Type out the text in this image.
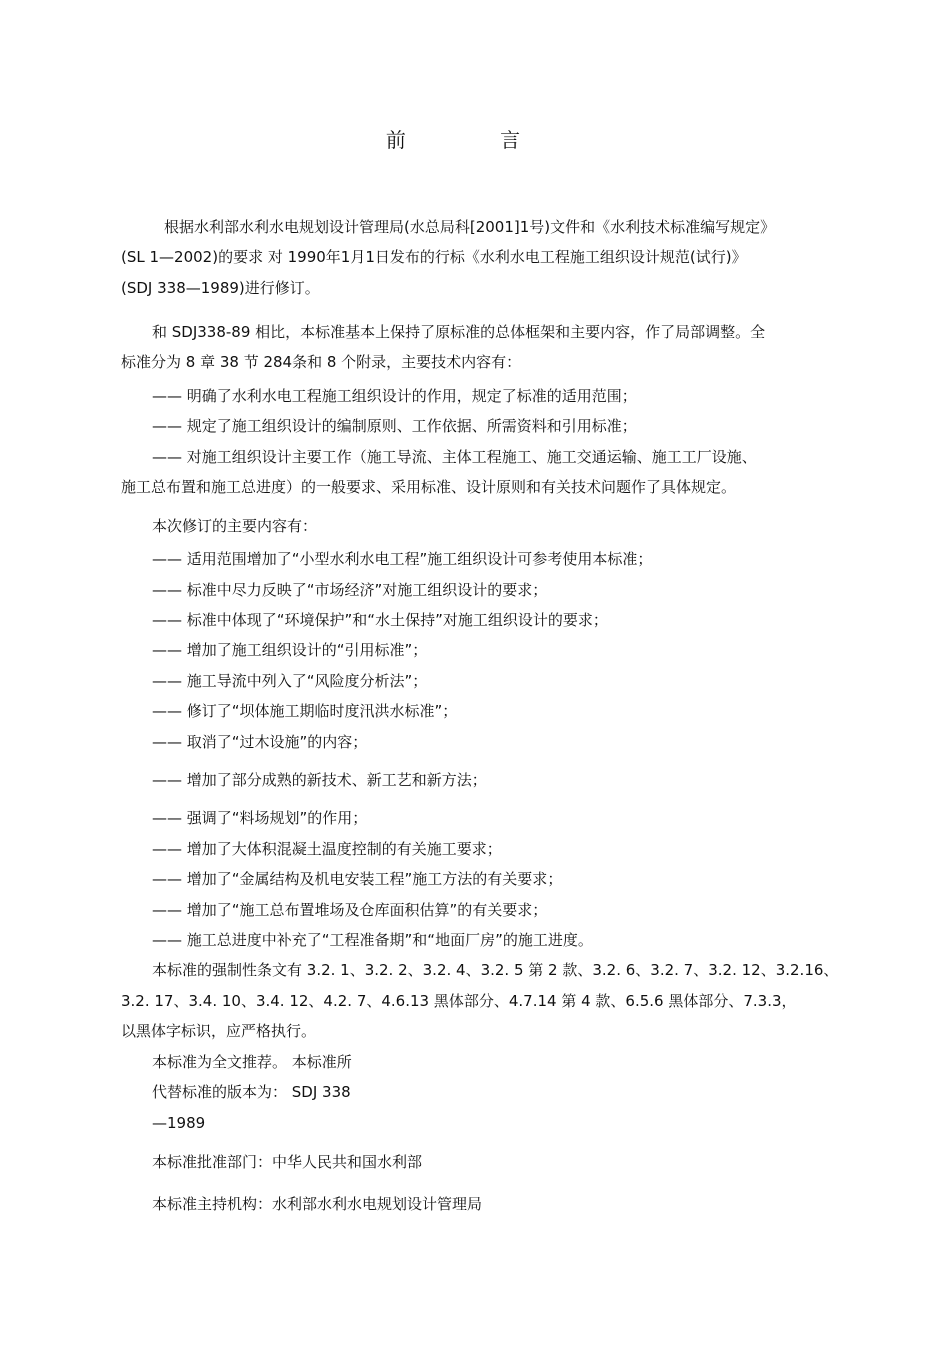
前 言
根据水利部水利水电规划设计管理局(水总局科[2001]1号)文件和《水利技术标准编写规定》
(SL 1—2002)的要求 对 1990年1月1日发布的行标《水利水电工程施工组织设计规范(试行)》
(SDJ 338—1989)进行修订。
和 SDJ338-89 相比，本标准基本上保持了原标准的总体框架和主要内容，作了局部调整。全
标准分为 8 章 38 节 284条和 8 个附录，主要技术内容有：
—— 明确了水利水电工程施工组织设计的作用，规定了标准的适用范围；
—— 规定了施工组织设计的编制原则、工作依据、所需资料和引用标准；
—— 对施工组织设计主要工作（施工导流、主体工程施工、施工交通运输、施工工厂设施、
施工总布置和施工总进度）的一般要求、采用标准、设计原则和有关技术问题作了具体规定。
本次修订的主要内容有：
—— 适用范围增加了“小型水利水电工程”施工组织设计可参考使用本标准；
—— 标准中尽力反映了“市场经济”对施工组织设计的要求；
—— 标准中体现了“环境保护”和“水土保持”对施工组织设计的要求；
—— 增加了施工组织设计的“引用标准”；
—— 施工导流中列入了“风险度分析法”；
—— 修订了“坝体施工期临时度汛洪水标准”；
—— 取消了“过木设施”的内容；
—— 增加了部分成熟的新技术、新工艺和新方法；
—— 强调了“料场规划”的作用；
—— 增加了大体积混凝土温度控制的有关施工要求；
—— 增加了“金属结构及机电安装工程”施工方法的有关要求；
—— 增加了“施工总布置堆场及仓库面积估算”的有关要求；
—— 施工总进度中补充了“工程准备期”和“地面厂房”的施工进度。
本标准的强制性条文有 3.2. 1、3.2. 2、3.2. 4、3.2. 5 第 2 款、3.2. 6、3.2. 7、3.2. 12、3.2.16、
3.2. 17、3.4. 10、3.4. 12、4.2. 7、4.6.13 黑体部分、4.7.14 第 4 款、6.5.6 黑体部分、7.3.3，
以黑体字标识，应严格执行。
本标准为全文推荐。 本标准所
代替标准的版本为： SDJ 338
—1989
本标准批准部门：中华人民共和国水利部
本标准主持机构：水利部水利水电规划设计管理局
